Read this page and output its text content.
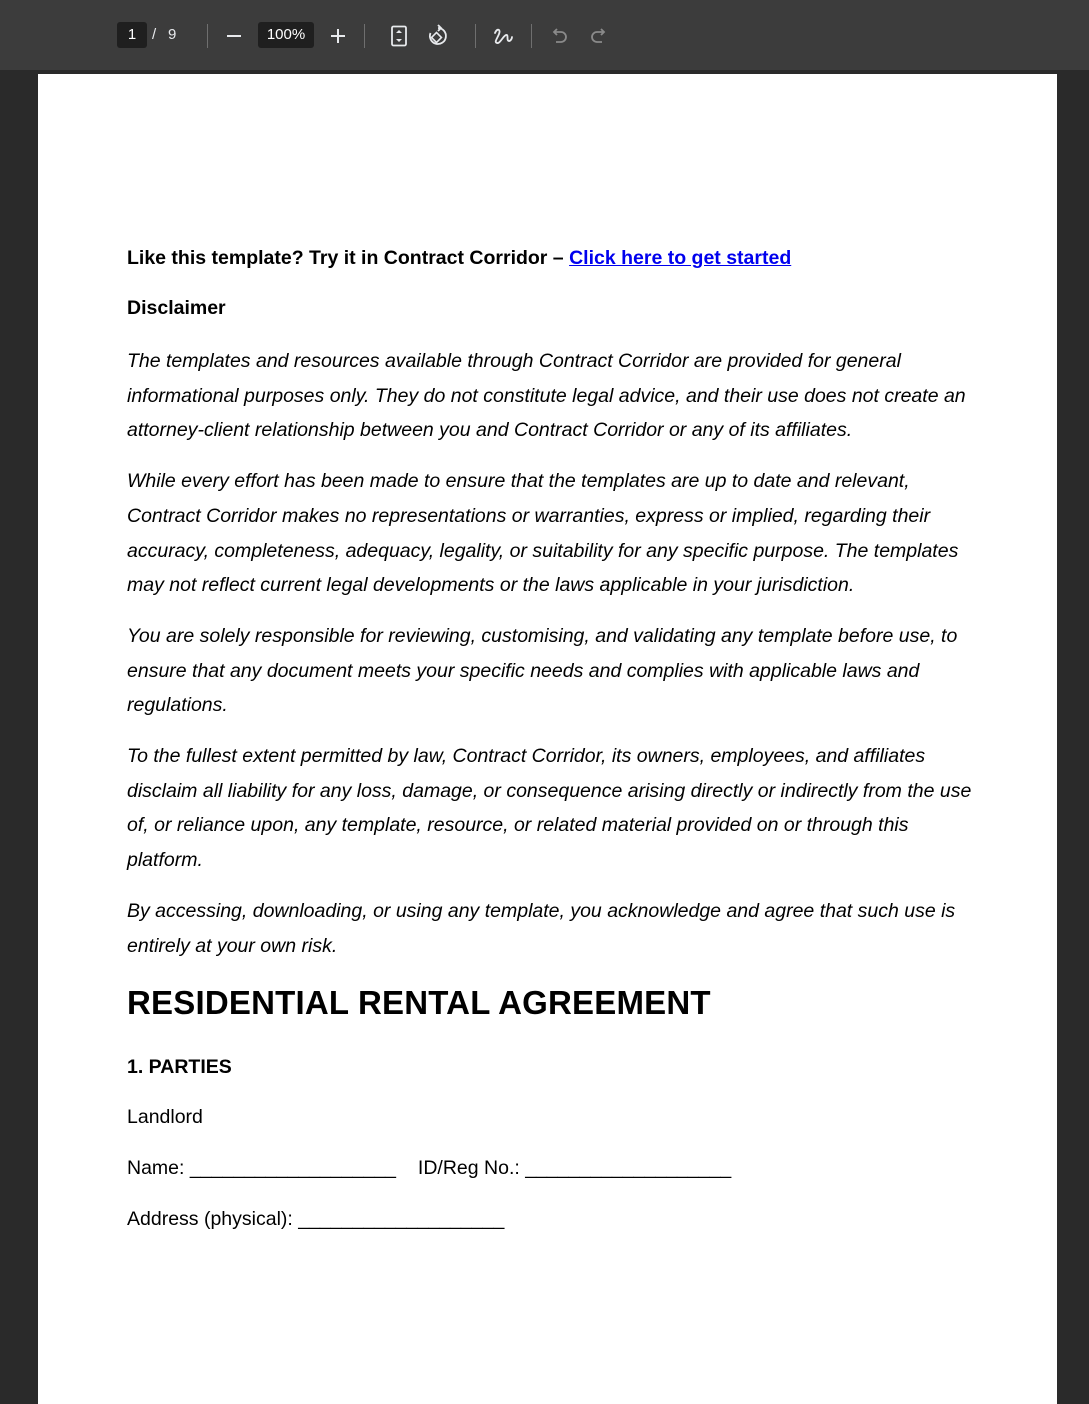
1	/ 9	100%

Like this template? Try it in Contract Corridor – Click here to get started

Disclaimer

The templates and resources available through Contract Corridor are provided for general informational purposes only. They do not constitute legal advice, and their use does not create an attorney-client relationship between you and Contract Corridor or any of its affiliates.

While every effort has been made to ensure that the templates are up to date and relevant, Contract Corridor makes no representations or warranties, express or implied, regarding their accuracy, completeness, adequacy, legality, or suitability for any specific purpose. The templates may not reflect current legal developments or the laws applicable in your jurisdiction.

You are solely responsible for reviewing, customising, and validating any template before use, to ensure that any document meets your specific needs and complies with applicable laws and regulations.

To the fullest extent permitted by law, Contract Corridor, its owners, employees, and affiliates disclaim all liability for any loss, damage, or consequence arising directly or indirectly from the use of, or reliance upon, any template, resource, or related material provided on or through this platform.

By accessing, downloading, or using any template, you acknowledge and agree that such use is entirely at your own risk.

RESIDENTIAL RENTAL AGREEMENT

1. PARTIES

Landlord

Name: ___________________ ID/Reg No.: ___________________

Address (physical): ___________________
